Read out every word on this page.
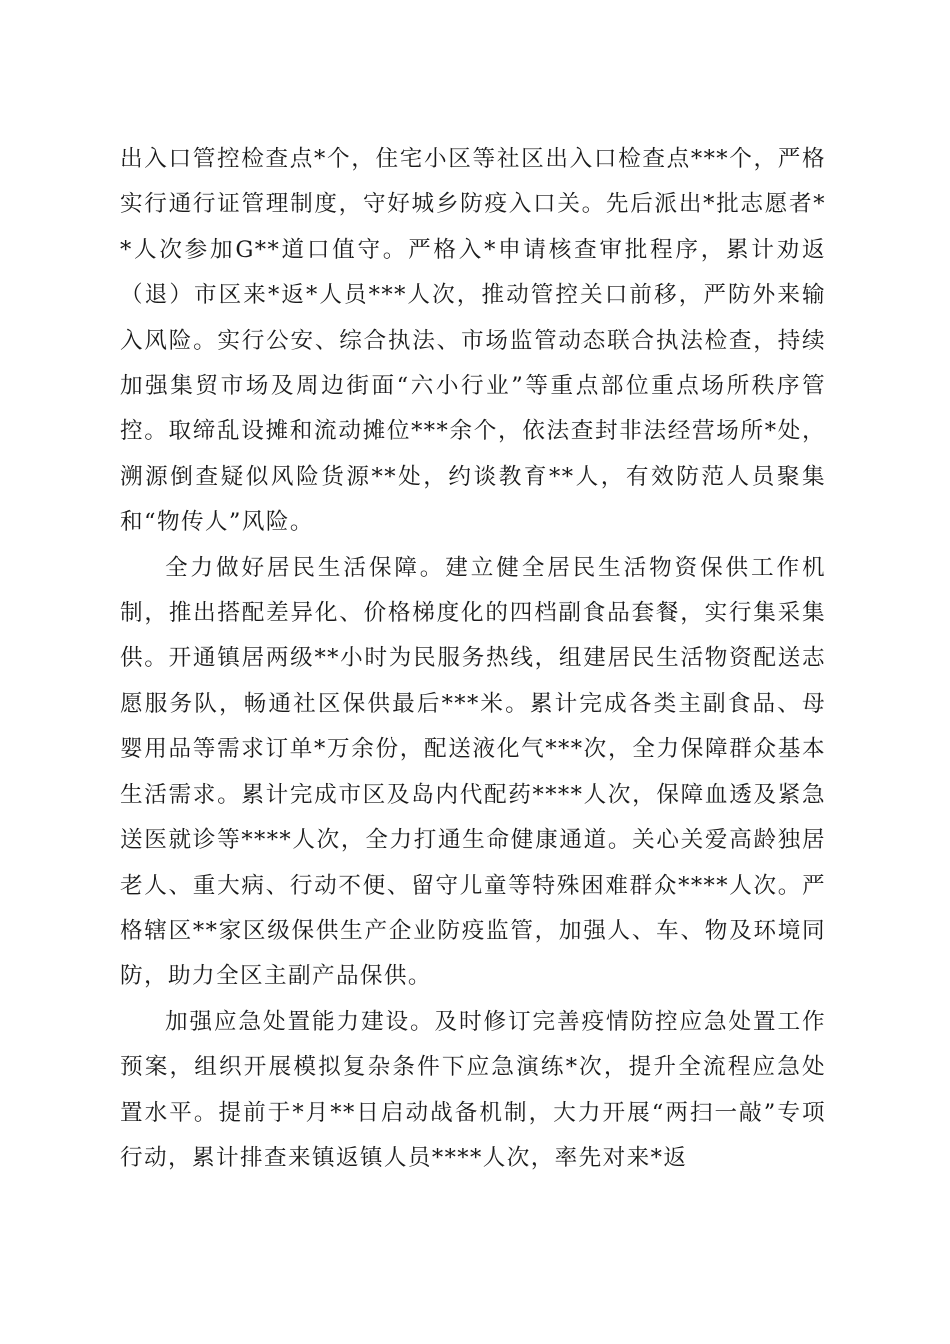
出入口管控检查点*个，住宅小区等社区出入口检查点***个，严格实行通行证管理制度，守好城乡防疫入口关。先后派出*批志愿者**人次参加G**道口值守。严格入*申请核查审批程序，累计劝返（退）市区来*返*人员***人次，推动管控关口前移，严防外来输入风险。实行公安、综合执法、市场监管动态联合执法检查，持续加强集贸市场及周边街面“六小行业”等重点部位重点场所秩序管控。取缔乱设摊和流动摊位***余个，依法查封非法经营场所*处，溯源倒查疑似风险货源**处，约谈教育**人，有效防范人员聚集和“物传人”风险。

全力做好居民生活保障。建立健全居民生活物资保供工作机制，推出搭配差异化、价格梯度化的四档副食品套餐，实行集采集供。开通镇居两级**小时为民服务热线，组建居民生活物资配送志愿服务队，畅通社区保供最后***米。累计完成各类主副食品、母婴用品等需求订单*万余份，配送液化气***次，全力保障群众基本生活需求。累计完成市区及岛内代配药****人次，保障血透及紧急送医就诊等****人次，全力打通生命健康通道。关心关爱高龄独居老人、重大病、行动不便、留守儿童等特殊困难群众****人次。严格辖区**家区级保供生产企业防疫监管，加强人、车、物及环境同防，助力全区主副产品保供。

加强应急处置能力建设。及时修订完善疫情防控应急处置工作预案，组织开展模拟复杂条件下应急演练*次，提升全流程应急处置水平。提前于*月**日启动战备机制，大力开展“两扫一敲”专项行动，累计排查来镇返镇人员****人次，率先对来*返
